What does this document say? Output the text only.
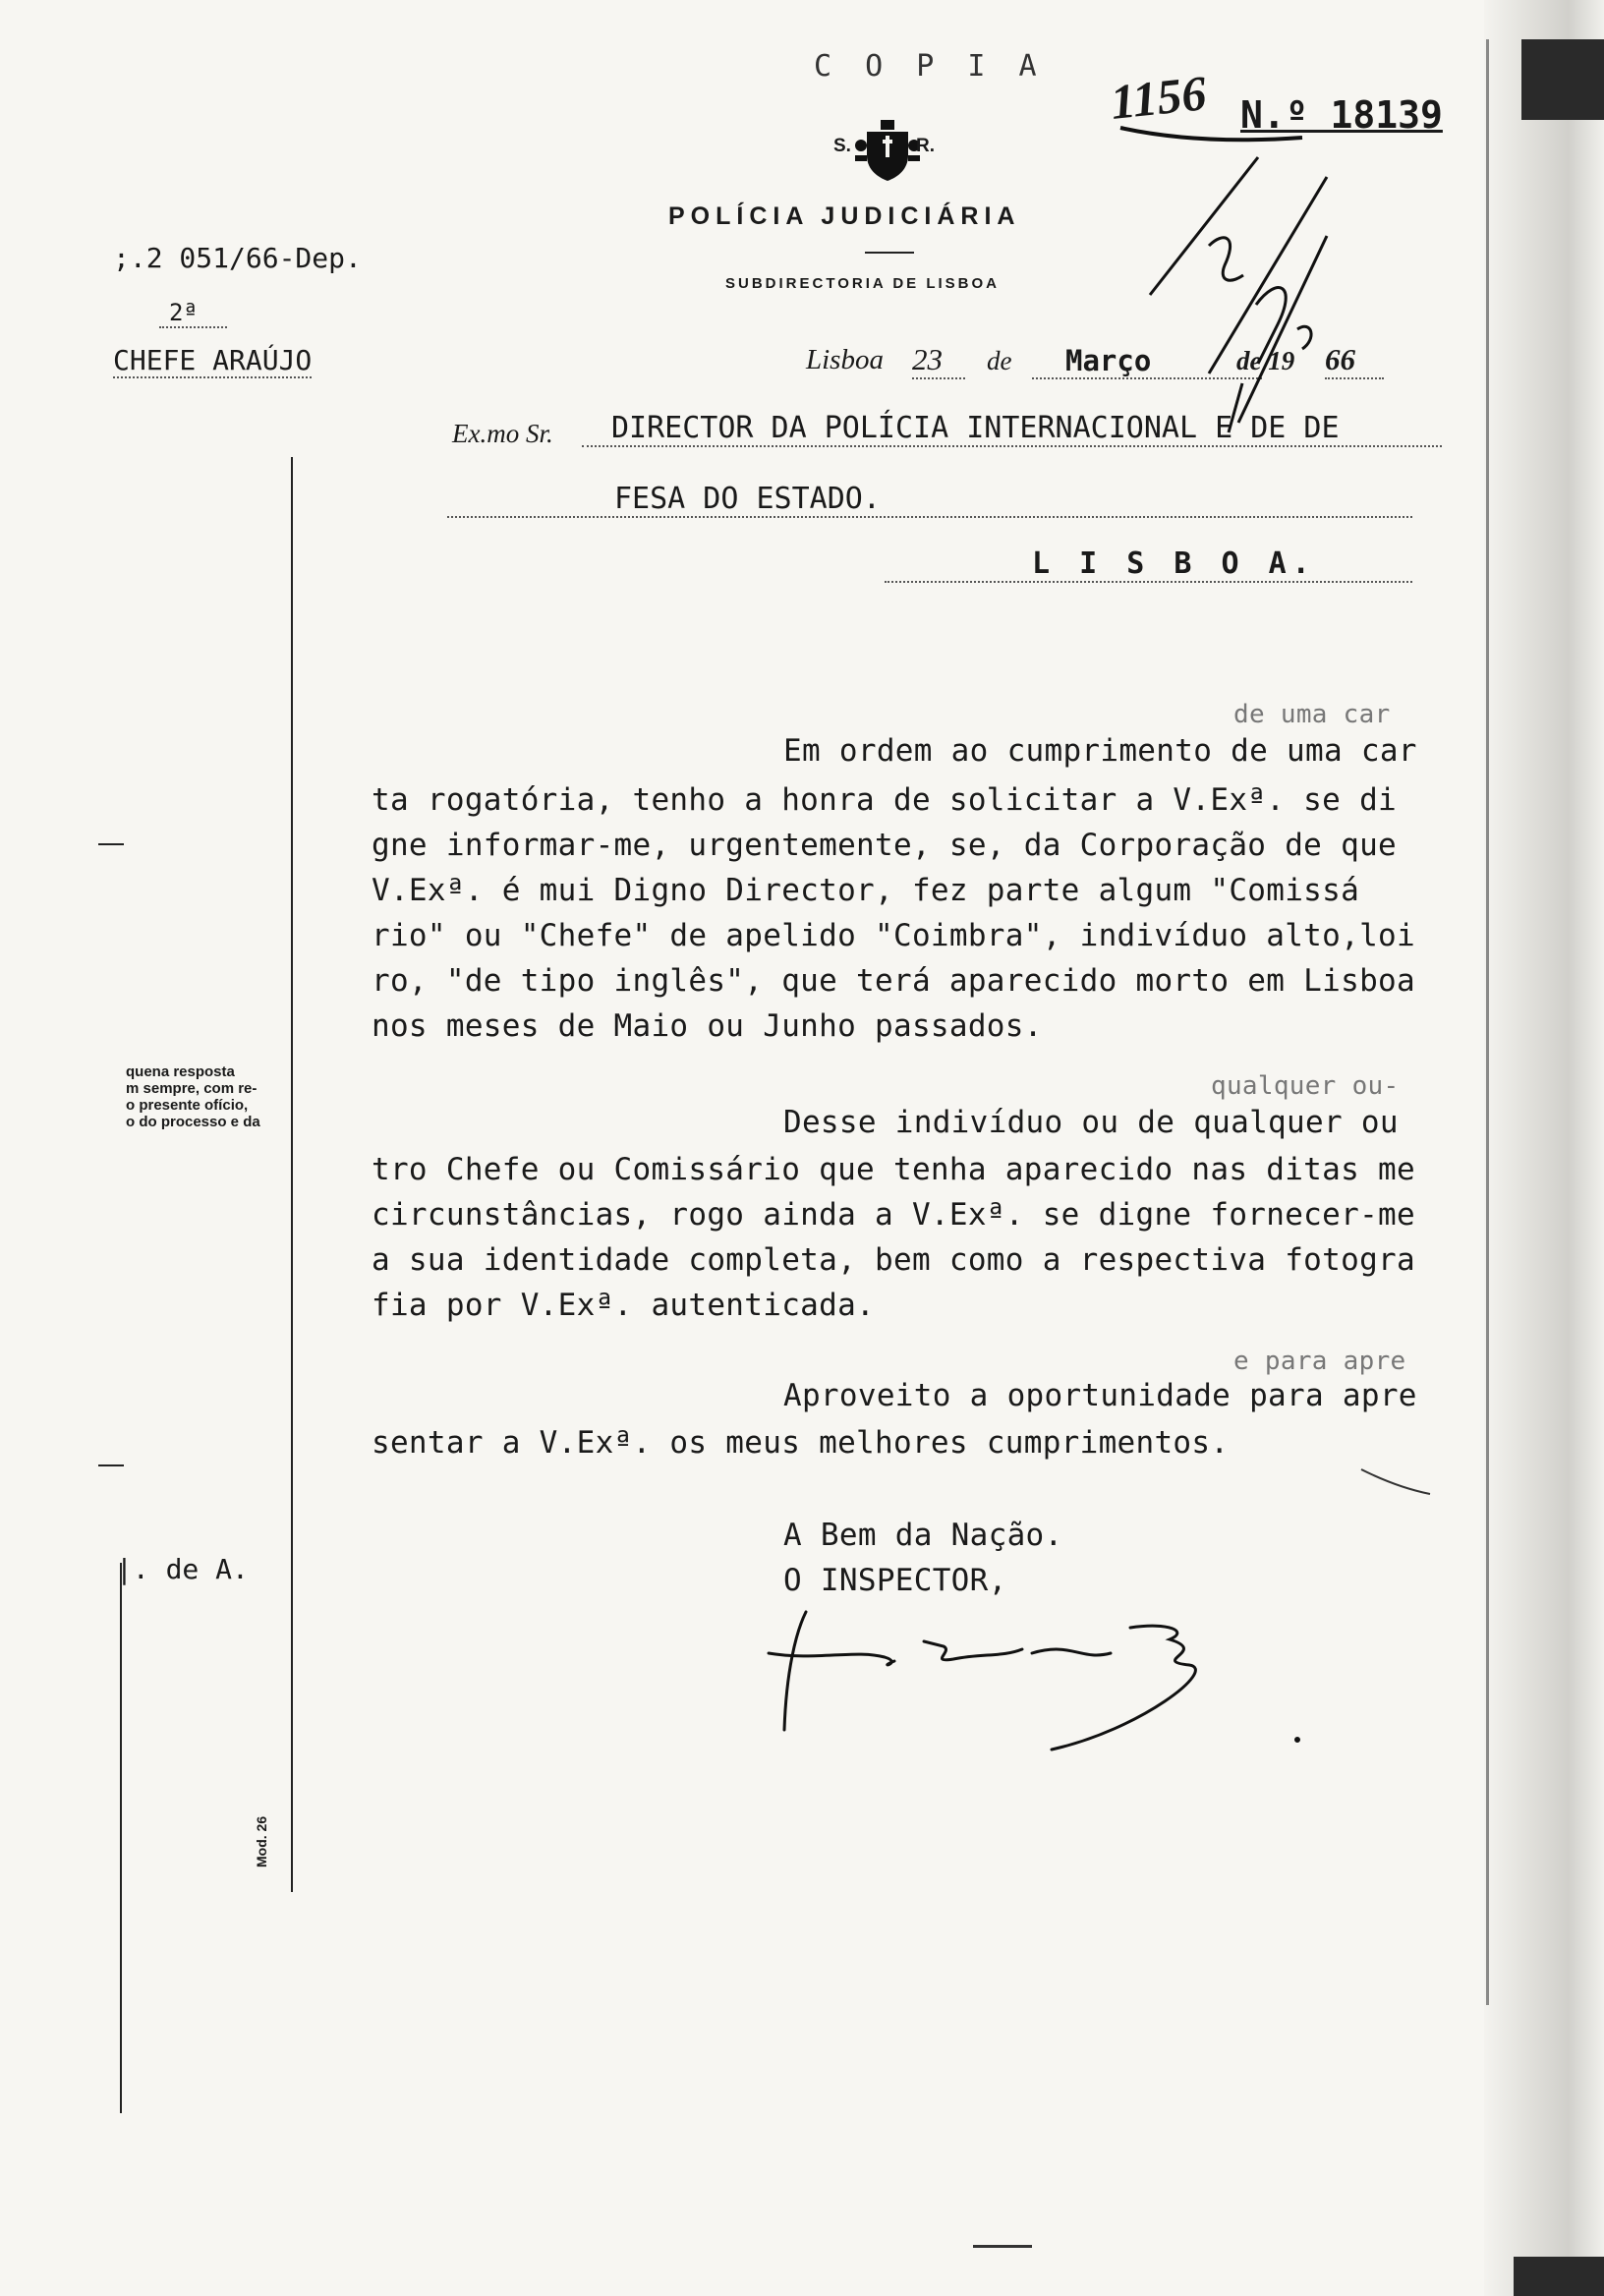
C O P I A 1156 N.º 18139
S.	R.
POLÍCIA JUDICIÁRIA
SUBDIRECTORIA DE LISBOA
;.2 051/66-Dep.
2ª
CHEFE ARAÚJO	Lisboa 23	de	Março	de 19 66
Ex.mo Sr.	DIRECTOR DA POLÍCIA INTERNACIONAL E DE DE
FESA DO ESTADO.
L I S B O A.
quena resposta
m sempre, com re-
o presente ofício,
o do processo e da
|. de A.
Mod. 26
de uma car
Em ordem ao cumprimento de uma car
ta rogatória, tenho a honra de solicitar a V.Exª. se di
gne informar-me, urgentemente, se, da Corporação de que
V.Exª. é mui Digno Director, fez parte algum "Comissá
rio" ou "Chefe" de apelido "Coimbra", indivíduo alto,loi
ro, "de tipo inglês", que terá aparecido morto em Lisboa
nos meses de Maio ou Junho passados.
qualquer ou-
Desse indivíduo ou de qualquer ou
tro Chefe ou Comissário que tenha aparecido nas ditas me
circunstâncias, rogo ainda a V.Exª. se digne fornecer-me
a sua identidade completa, bem como a respectiva fotogra
fia por V.Exª. autenticada.
e para apre
Aproveito a oportunidade para apre
sentar a V.Exª. os meus melhores cumprimentos.
A Bem da Nação.
O INSPECTOR,
